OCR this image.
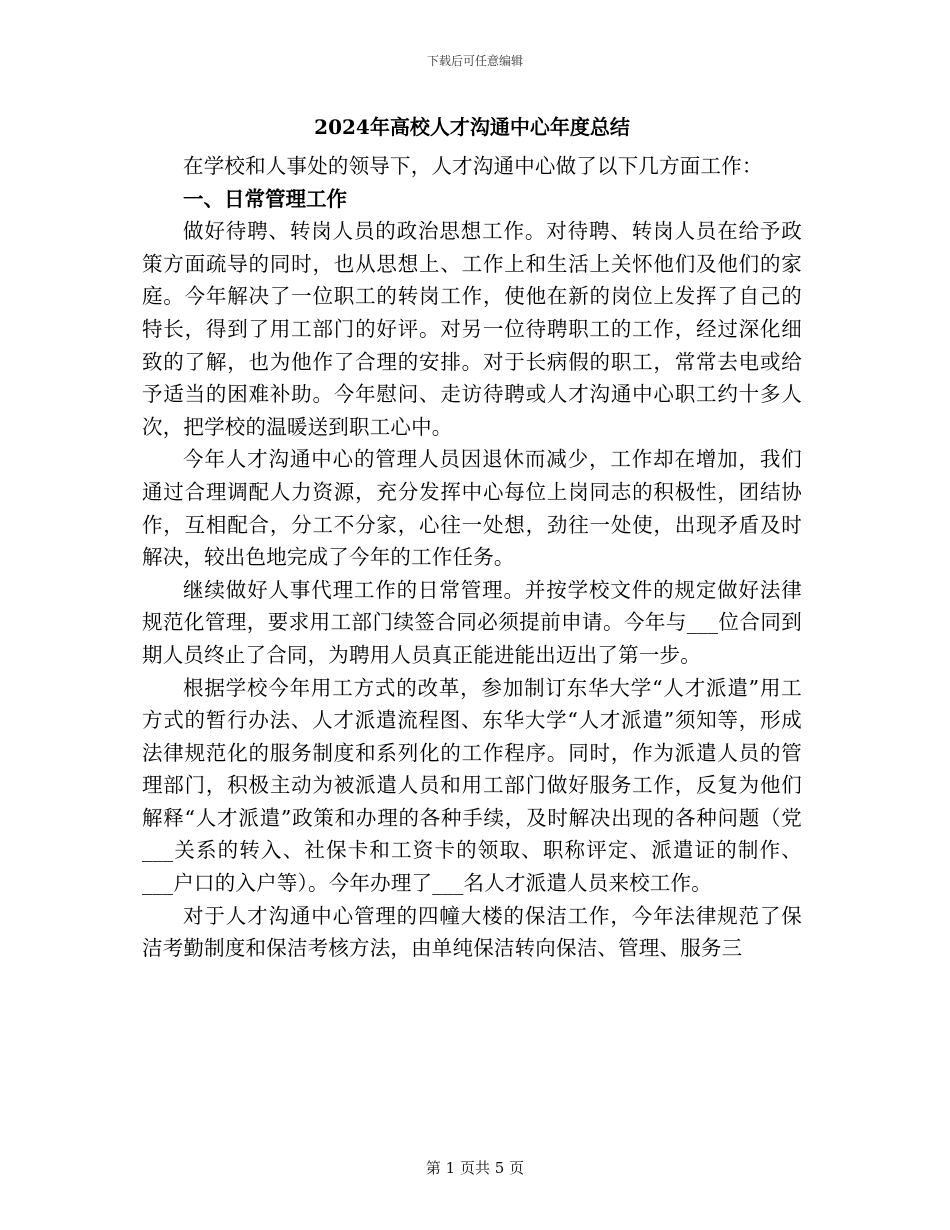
下载后可任意编辑
2024年高校人才沟通中心年度总结

在学校和人事处的领导下，人才沟通中心做了以下几方面工作：

一、日常管理工作

做好待聘、转岗人员的政治思想工作。对待聘、转岗人员在给予政策方面疏导的同时，也从思想上、工作上和生活上关怀他们及他们的家庭。今年解决了一位职工的转岗工作，使他在新的岗位上发挥了自己的特长，得到了用工部门的好评。对另一位待聘职工的工作，经过深化细致的了解，也为他作了合理的安排。对于长病假的职工，常常去电或给予适当的困难补助。今年慰问、走访待聘或人才沟通中心职工约十多人次，把学校的温暖送到职工心中。

今年人才沟通中心的管理人员因退休而减少，工作却在增加，我们通过合理调配人力资源，充分发挥中心每位上岗同志的积极性，团结协作，互相配合，分工不分家，心往一处想，劲往一处使，出现矛盾及时解决，较出色地完成了今年的工作任务。

继续做好人事代理工作的日常管理。并按学校文件的规定做好法律规范化管理，要求用工部门续签合同必须提前申请。今年与___位合同到期人员终止了合同，为聘用人员真正能进能出迈出了第一步。

根据学校今年用工方式的改革，参加制订东华大学“人才派遣”用工方式的暂行办法、人才派遣流程图、东华大学“人才派遣”须知等，形成法律规范化的服务制度和系列化的工作程序。同时，作为派遣人员的管理部门，积极主动为被派遣人员和用工部门做好服务工作，反复为他们解释“人才派遣”政策和办理的各种手续，及时解决出现的各种问题（党___关系的转入、社保卡和工资卡的领取、职称评定、派遣证的制作、___户口的入户等）。今年办理了___名人才派遣人员来校工作。

对于人才沟通中心管理的四幢大楼的保洁工作，今年法律规范了保洁考勤制度和保洁考核方法，由单纯保洁转向保洁、管理、服务三

第 1 页共 5 页
